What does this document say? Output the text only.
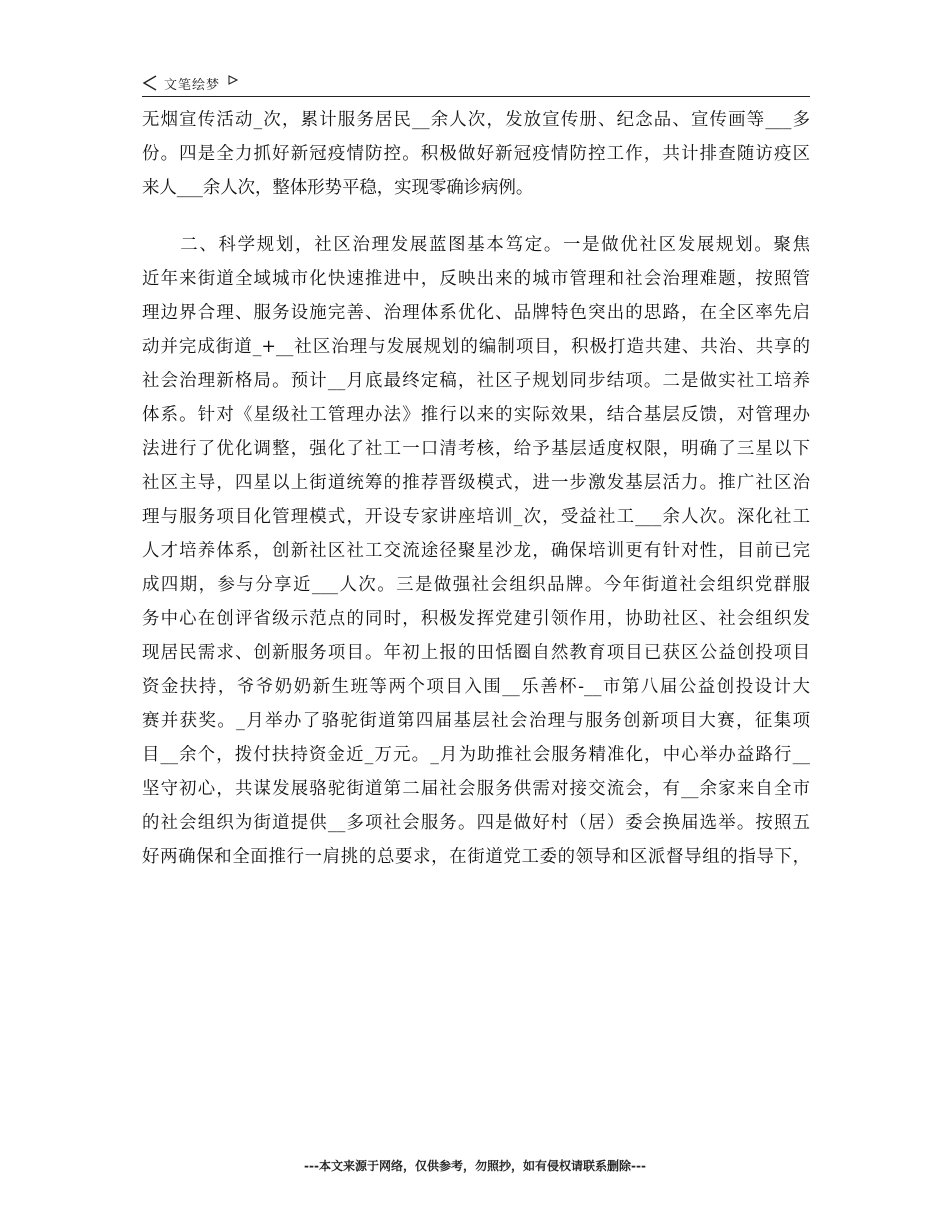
文笔绘梦
无烟宣传活动_次，累计服务居民__余人次，发放宣传册、纪念品、宣传画等___多
份。四是全力抓好新冠疫情防控。积极做好新冠疫情防控工作，共计排查随访疫区
来人___余人次，整体形势平稳，实现零确诊病例。
　　二、科学规划，社区治理发展蓝图基本笃定。一是做优社区发展规划。聚焦
近年来街道全域城市化快速推进中，反映出来的城市管理和社会治理难题，按照管
理边界合理、服务设施完善、治理体系优化、品牌特色突出的思路，在全区率先启
动并完成街道_+__社区治理与发展规划的编制项目，积极打造共建、共治、共享的
社会治理新格局。预计__月底最终定稿，社区子规划同步结项。二是做实社工培养
体系。针对《星级社工管理办法》推行以来的实际效果，结合基层反馈，对管理办
法进行了优化调整，强化了社工一口清考核，给予基层适度权限，明确了三星以下
社区主导，四星以上街道统筹的推荐晋级模式，进一步激发基层活力。推广社区治
理与服务项目化管理模式，开设专家讲座培训_次，受益社工___余人次。深化社工
人才培养体系，创新社区社工交流途径聚星沙龙，确保培训更有针对性，目前已完
成四期，参与分享近___人次。三是做强社会组织品牌。今年街道社会组织党群服
务中心在创评省级示范点的同时，积极发挥党建引领作用，协助社区、社会组织发
现居民需求、创新服务项目。年初上报的田恬圈自然教育项目已获区公益创投项目
资金扶持，爷爷奶奶新生班等两个项目入围__乐善杯-__市第八届公益创投设计大
赛并获奖。_月举办了骆驼街道第四届基层社会治理与服务创新项目大赛，征集项
目__余个，拨付扶持资金近_万元。_月为助推社会服务精准化，中心举办益路行__
坚守初心，共谋发展骆驼街道第二届社会服务供需对接交流会，有__余家来自全市
的社会组织为街道提供__多项社会服务。四是做好村（居）委会换届选举。按照五
好两确保和全面推行一肩挑的总要求，在街道党工委的领导和区派督导组的指导下，
---本文来源于网络，仅供参考，勿照抄，如有侵权请联系删除---
